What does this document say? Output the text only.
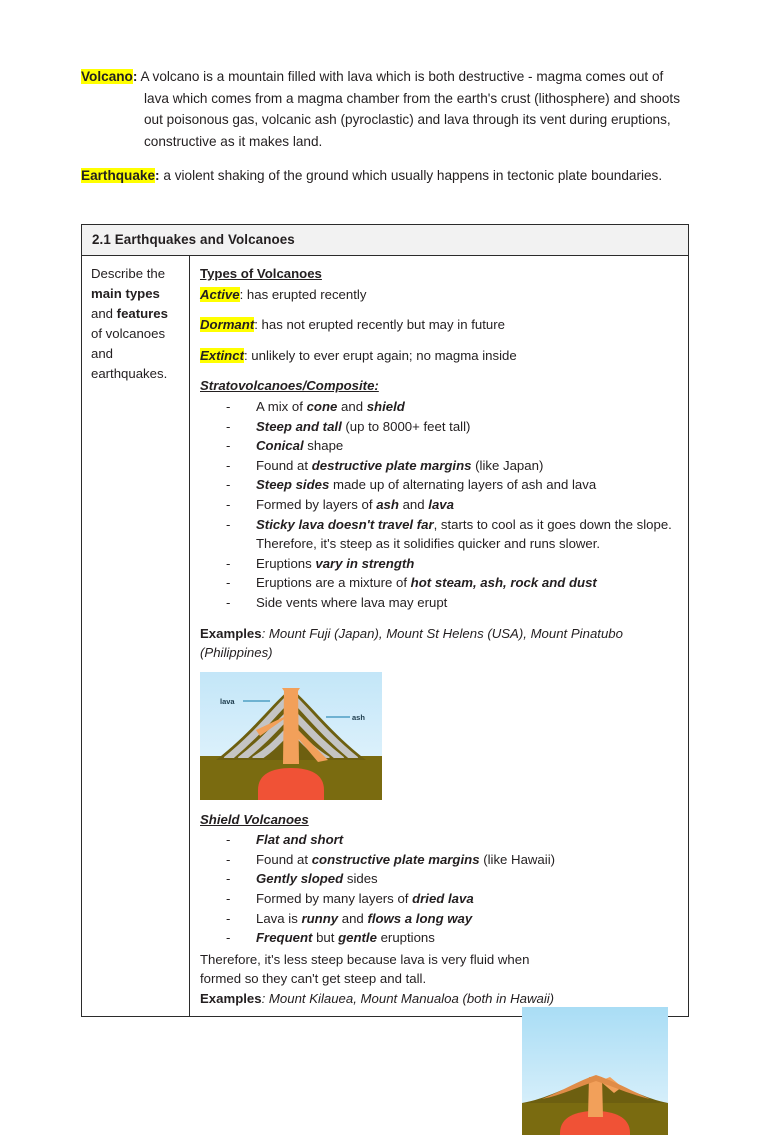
Volcano: A volcano is a mountain filled with lava which is both destructive - magma comes out of lava which comes from a magma chamber from the earth's crust (lithosphere) and shoots out poisonous gas, volcanic ash (pyroclastic) and lava through its vent during eruptions, constructive as it makes land.
Earthquake: a violent shaking of the ground which usually happens in tectonic plate boundaries.
2.1 Earthquakes and Volcanoes
Describe the main types and features of volcanoes and earthquakes.
Types of Volcanoes
Active: has erupted recently
Dormant: has not erupted recently but may in future
Extinct: unlikely to ever erupt again; no magma inside
Stratovolcanoes/Composite:
- A mix of cone and shield
- Steep and tall (up to 8000+ feet tall)
- Conical shape
- Found at destructive plate margins (like Japan)
- Steep sides made up of alternating layers of ash and lava
- Formed by layers of ash and lava
- Sticky lava doesn't travel far, starts to cool as it goes down the slope. Therefore, it's steep as it solidifies quicker and runs slower.
- Eruptions vary in strength
- Eruptions are a mixture of hot steam, ash, rock and dust
- Side vents where lava may erupt
Examples: Mount Fuji (Japan), Mount St Helens (USA), Mount Pinatubo (Philippines)
lava
ash
Shield Volcanoes
- Flat and short
- Found at constructive plate margins (like Hawaii)
- Gently sloped sides
- Formed by many layers of dried lava
- Lava is runny and flows a long way
- Frequent but gentle eruptions
Therefore, it's less steep because lava is very fluid when formed so they can't get steep and tall.
Examples: Mount Kilauea, Mount Manualoa (both in Hawaii)
